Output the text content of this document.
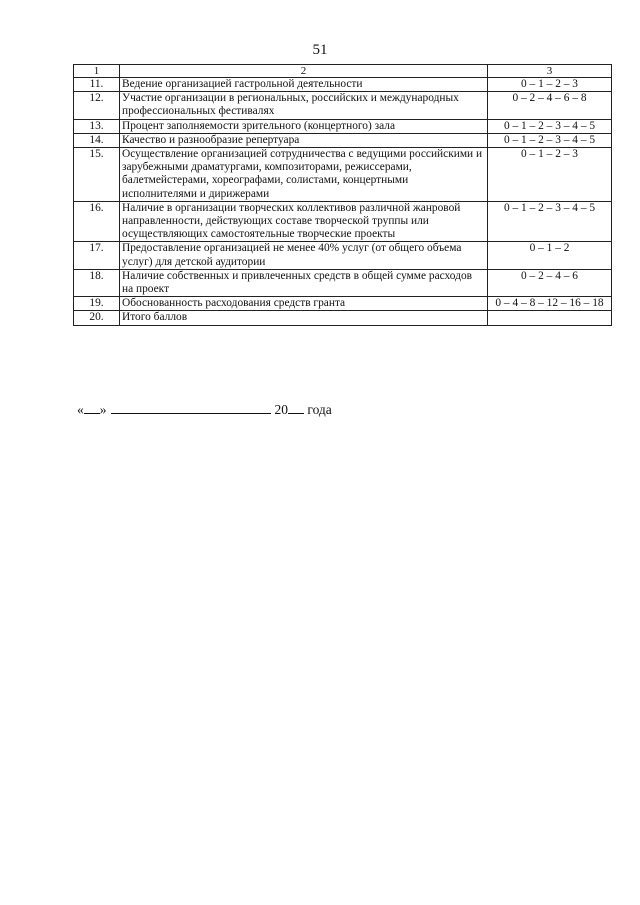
51
1	2	3
11.	Ведение организацией гастрольной деятельности	0 – 1 – 2 – 3
12.	Участие организации в региональных, российских и международных профессиональных фестивалях	0 – 2 – 4 – 6 – 8
13.	Процент заполняемости зрительного (концертного) зала	0 – 1 – 2 – 3 – 4 – 5
14.	Качество и разнообразие репертуара	0 – 1 – 2 – 3 – 4 – 5
15.	Осуществление организацией сотрудничества с ведущими российскими и зарубежными драматургами, композиторами, режиссерами, балетмейстерами, хореографами, солистами, концертными исполнителями и дирижерами	0 – 1 – 2 – 3
16.	Наличие в организации творческих коллективов различной жанровой направленности, действующих составе творческой труппы или осуществляющих самостоятельные творческие проекты	0 – 1 – 2 – 3 – 4 – 5
17.	Предоставление организацией не менее 40% услуг (от общего объема услуг) для детской аудитории	0 – 1 – 2
18.	Наличие собственных и привлеченных средств в общей сумме расходов на проект	0 – 2 – 4 – 6
19.	Обоснованность расходования средств гранта	0 – 4 – 8 – 12 – 16 – 18
20.	Итого баллов	
« »	20 года
